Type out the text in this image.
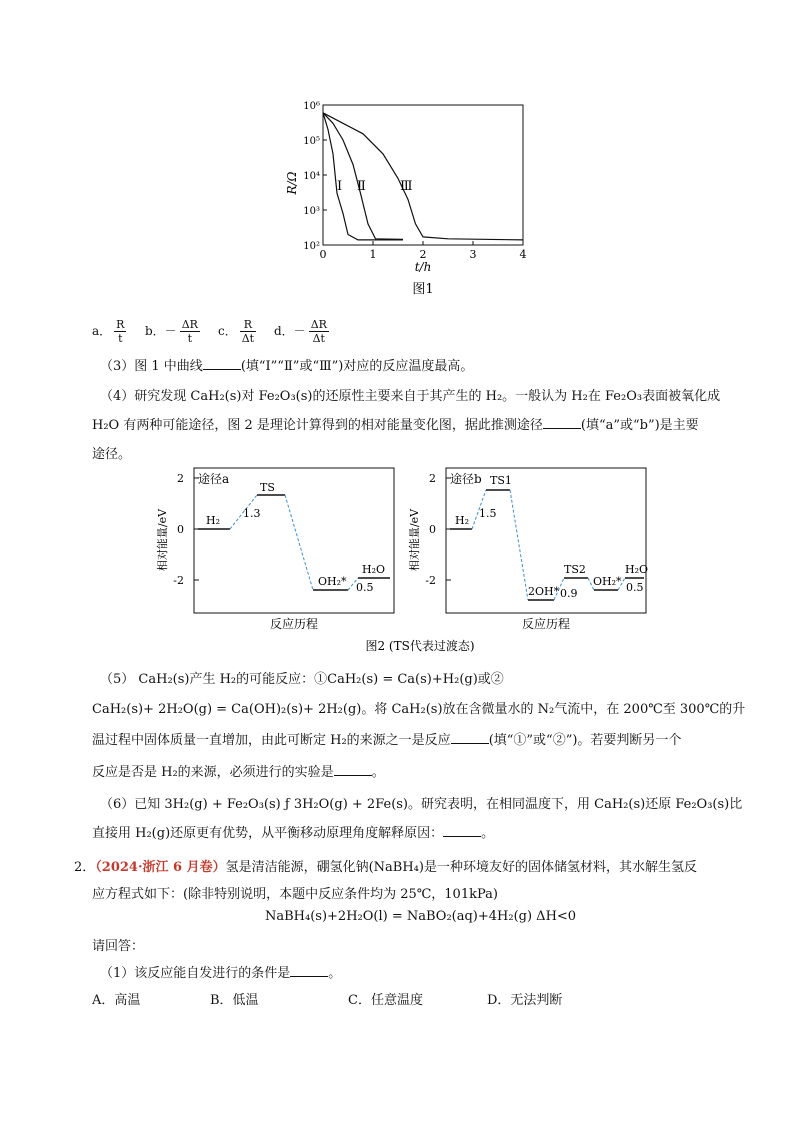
0	1	2	3	4
10²
10³
10⁴
10⁵
10⁶
R/Ω
t/h
图1
Ⅰ Ⅱ	Ⅲ
a． $\frac{R}{t}$ b．－ $\frac{\Delta R}{t}$ c． $\frac{R}{\Delta t}$ d．－ $\frac{\Delta R}{\Delta t}$
（3）图 1 中曲线	(填“Ⅰ”“Ⅱ”或“Ⅲ”)对应的反应温度最高。
（4）研究发现 CaH₂(s)对 Fe₂O₃(s)的还原性主要来自于其产生的 H₂。一般认为 H₂在 Fe₂O₃表面被氧化成
H₂O 有两种可能途径，图 2 是理论计算得到的相对能量变化图，据此推测途径	(填“a”或“b”)是主要
途径。
途径a
相对能量/eV
2
0
-2
H₂
TS
1.3
OH₂*
H₂O
0.5
反应历程
途径b
相对能量/eV
2
0
-2
H₂
TS1
1.5
2OH*
TS2
0.9
OH₂*
H₂O
0.5
反应历程
图2 (TS代表过渡态)
（5） CaH₂(s)产生 H₂的可能反应：①CaH₂(s) = Ca(s)+H₂(g)或②
CaH₂(s)+ 2H₂O(g) = Ca(OH)₂(s)+ 2H₂(g)。将 CaH₂(s)放在含微量水的 N₂气流中，在 200℃至 300℃的升
温过程中固体质量一直增加，由此可断定 H₂的来源之一是反应	(填“①”或“②”)。若要判断另一个
反应是否是 H₂的来源，必须进行的实验是	。
（6）已知 3H₂(g) + Fe₂O₃(s) ƒ 3H₂O(g) + 2Fe(s)。研究表明，在相同温度下，用 CaH₂(s)还原 Fe₂O₃(s)比
直接用 H₂(g)还原更有优势，从平衡移动原理角度解释原因：	。
2．（2024·浙江 6 月卷）氢是清洁能源，硼氢化钠(NaBH₄)是一种环境友好的固体储氢材料，其水解生氢反
应方程式如下：(除非特别说明，本题中反应条件均为 25℃，101kPa)
NaBH₄(s)+2H₂O(l) = NaBO₂(aq)+4H₂(g) ΔH<0
请回答：
（1）该反应能自发进行的条件是	。
A．高温	B．低温	C．任意温度	D．无法判断
